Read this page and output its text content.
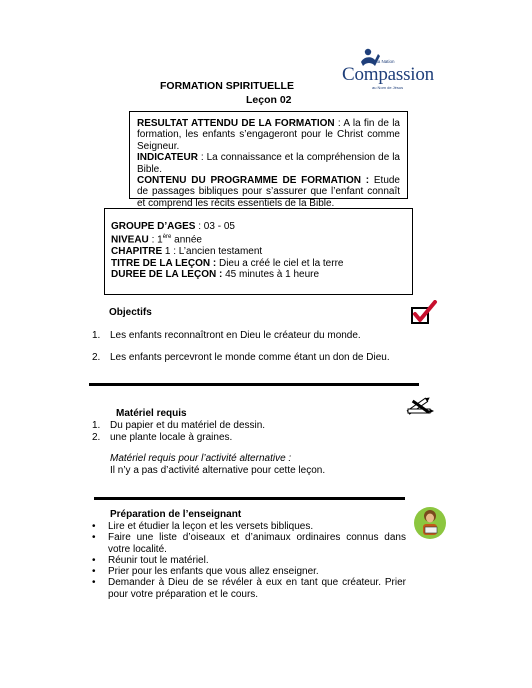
FORMATION SPIRITUELLE
Leçon 02
Pour la Nation
Compassion
au Nom de Jésus
RESULTAT ATTENDU DE LA FORMATION : A la fin de la formation, les enfants s’engageront pour le Christ comme Seigneur.
INDICATEUR : La connaissance et la compréhension de la Bible.
CONTENU DU PROGRAMME DE FORMATION : Etude de passages bibliques pour s’assurer que l’enfant connaît et comprend les récits essentiels de la Bible.
GROUPE D’AGES : 03 - 05
NIVEAU : 1ère année
CHAPITRE 1 : L’ancien testament
TITRE DE LA LEÇON : Dieu a créé le ciel et la terre
DUREE DE LA LEÇON : 45 minutes à 1 heure
Objectifs
1. Les enfants reconnaîtront en Dieu le créateur du monde.
2. Les enfants percevront le monde comme étant un don de Dieu.
Matériel requis
1. Du papier et du matériel de dessin.
2. une plante locale à graines.
Matériel requis pour l’activité alternative :
Il n’y a pas d’activité alternative pour cette leçon.
Préparation de l’enseignant
•	Lire et étudier la leçon et les versets bibliques.
•	Faire une liste d’oiseaux et d’animaux ordinaires connus dans votre localité.
•	Réunir tout le matériel.
•	Prier pour les enfants que vous allez enseigner.
•	Demander à Dieu de se révéler à eux en tant que créateur. Prier pour votre préparation et le cours.
